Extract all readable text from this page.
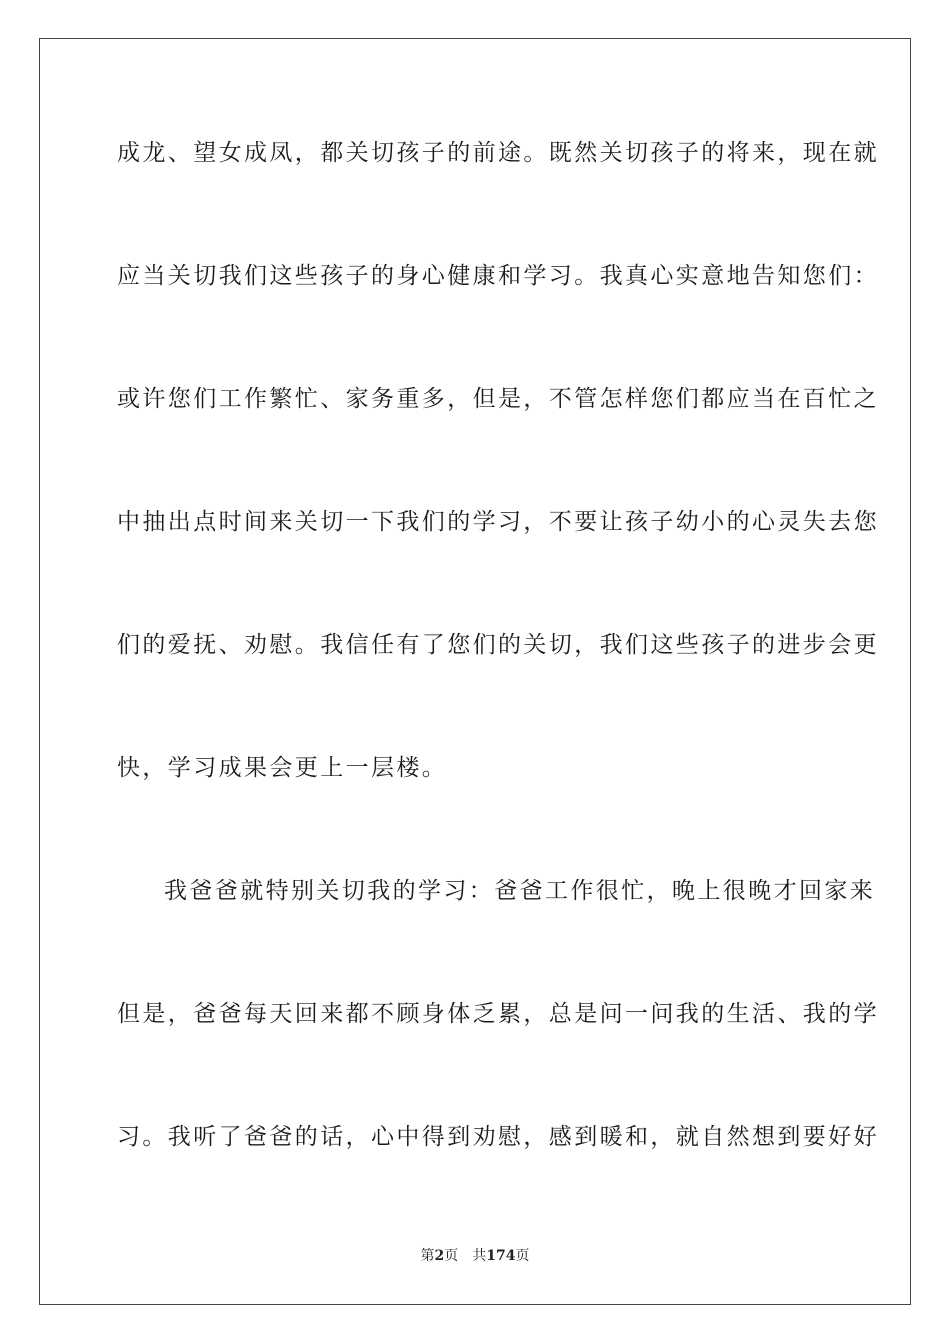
成龙、望女成凤，都关切孩子的前途。既然关切孩子的将来，现在就
应当关切我们这些孩子的身心健康和学习。我真心实意地告知您们：
或许您们工作繁忙、家务重多，但是，不管怎样您们都应当在百忙之
中抽出点时间来关切一下我们的学习，不要让孩子幼小的心灵失去您
们的爱抚、劝慰。我信任有了您们的关切，我们这些孩子的进步会更
快，学习成果会更上一层楼。
我爸爸就特别关切我的学习：爸爸工作很忙，晚上很晚才回家来
但是，爸爸每天回来都不顾身体乏累，总是问一问我的生活、我的学
习。我听了爸爸的话，心中得到劝慰，感到暖和，就自然想到要好好
第2页 共174页
